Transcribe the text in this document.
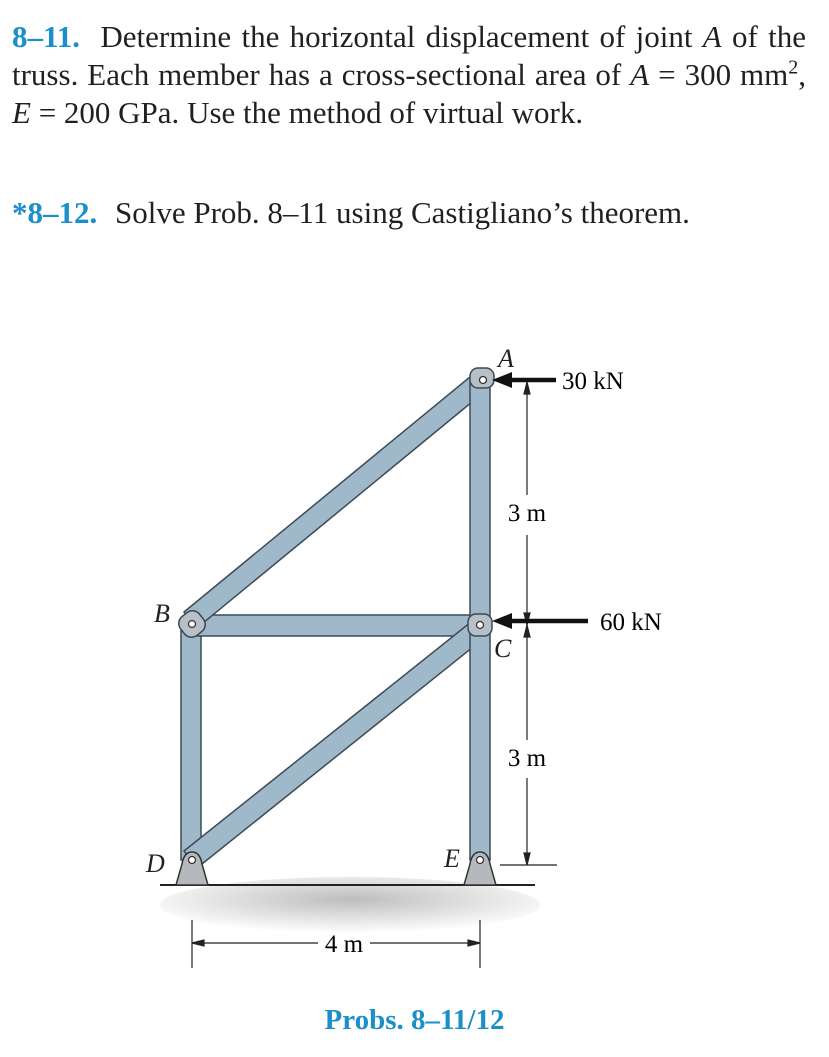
8–11. Determine the horizontal displacement of joint A of the truss. Each member has a cross-sectional area of A = 300 $mm^2$, E = 200 GPa. Use the method of virtual work.

*8–12. Solve Prob. 8–11 using Castigliano’s theorem.

3 m
3 m
4 m
30 kN
60 kN
A
B
C
D	E
Probs. 8–11/12
